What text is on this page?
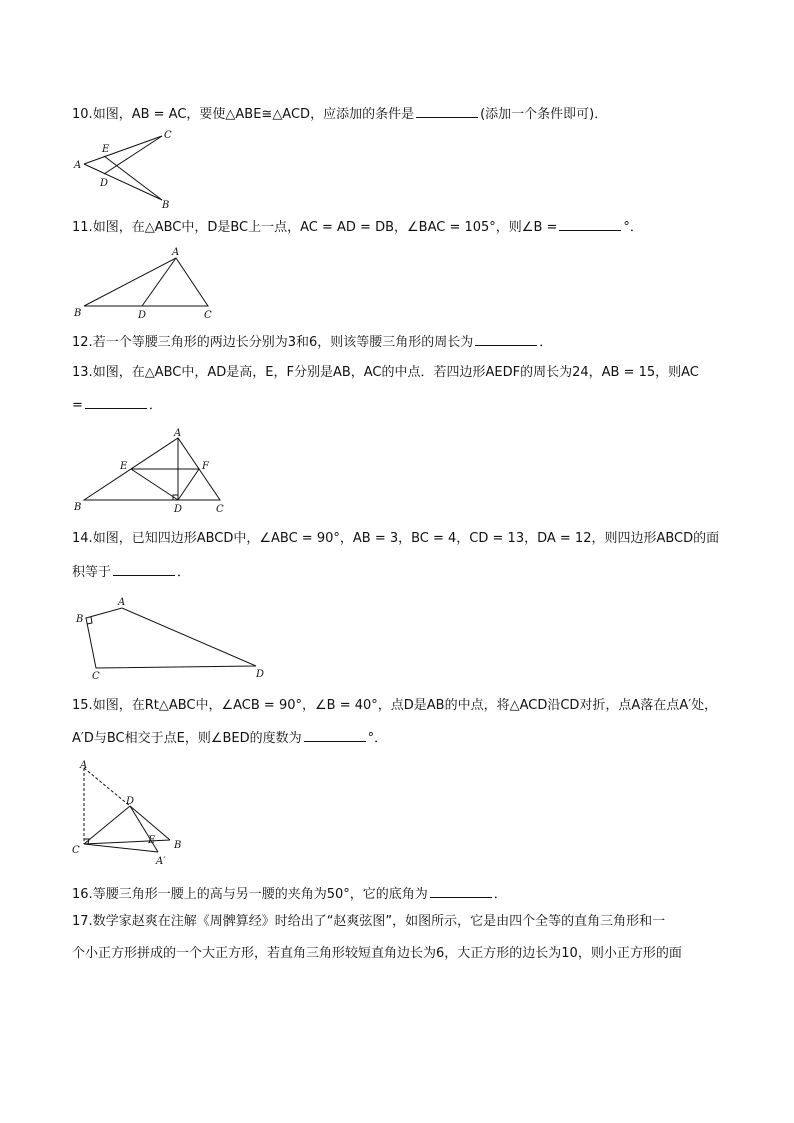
10.如图，AB = AC，要使△ABE≅△ACD，应添加的条件是	(添加一个条件即可)．
A
C
B
E
D
11.如图，在△ABC中，D是BC上一点，AC = AD = DB，∠BAC = 105°，则∠B =	°．
A
B	D	C
12.若一个等腰三角形的两边长分别为3和6，则该等腰三角形的周长为	．
13.如图，在△ABC中，AD是高，E，F分别是AB，AC的中点．若四边形AEDF的周长为24，AB = 15，则AC
=	．
A
E	F
B	D	C
14.如图，已知四边形ABCD中，∠ABC = 90°，AB = 3，BC = 4，CD = 13，DA = 12，则四边形ABCD的面
积等于	．
A
B
C	D
15.如图，在Rt△ABC中，∠ACB = 90°，∠B = 40°，点D是AB的中点，将△ACD沿CD对折，点A落在点A′处，
A′D与BC相交于点E，则∠BED的度数为	°．
A
D
C	B
E
A′
16.等腰三角形一腰上的高与另一腰的夹角为50°，它的底角为	．
17.数学家赵爽在注解《周髀算经》时给出了“赵爽弦图”，如图所示，它是由四个全等的直角三角形和一
个小正方形拼成的一个大正方形，若直角三角形较短直角边长为6，大正方形的边长为10，则小正方形的面
